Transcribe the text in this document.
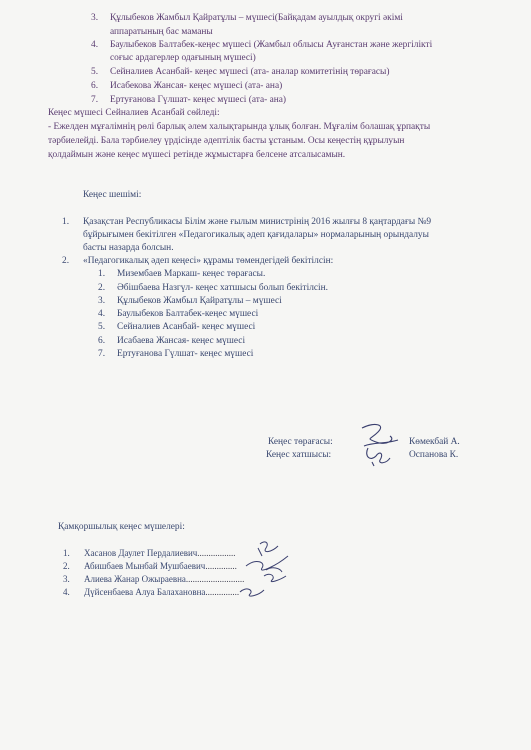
3. Құлыбеков Жамбыл Қайратұлы – мүшесі(Байқадам ауылдық округі әкімі
аппаратының бас маманы
4. Баулыбеков Балтабек-кеңес мүшесі (Жамбыл облысы Ауғанстан және жергілікті
соғыс ардагерлер одағының мүшесі)
5. Сейналиев Асанбай- кеңес мүшесі (ата- аналар комитетінің төрағасы)
6. Исабекова Жансая- кеңес мүшесі (ата- ана)
7. Ертуғанова Гүлшат- кеңес мүшесі (ата- ана)
Кеңес мүшесі Сейналиев Асанбай сөйледі:
- Ежелден мұғалімнің рөлі барлық әлем халықтарында ұлық болған. Мұғалім болашақ ұрпақты
тәрбиелейді. Бала тәрбиелеу үрдісінде әдептілік басты ұстаным. Осы кеңестің құрылуын
қолдаймын және кеңес мүшесі ретінде жұмыстарға белсене атсалысамын.
Кеңес шешімі:
1. Қазақстан Республикасы Білім және ғылым министрінің 2016 жылғы 8 қаңтардағы №9
бұйрығымен бекітілген «Педагогикалық әдеп қағидалары» нормаларының орындалуы
басты назарда болсын.
2. «Педагогикалық әдеп кеңесі» құрамы төмендегідей бекітілсін:
1. Мизембаев Маркаш- кеңес төрағасы.
2. Әбішбаева Назгүл- кеңес хатшысы болып бекітілсін.
3. Құлыбеков Жамбыл Қайратұлы – мүшесі
4. Баулыбеков Балтабек-кеңес мүшесі
5. Сейналиев Асанбай- кеңес мүшесі
6. Исабаева Жансая- кеңес мүшесі
7. Ертуғанова Гүлшат- кеңес мүшесі
Кеңес төрағасы:	Көмекбай А.
Кеңес хатшысы:	Оспанова К.
Қамқоршылық кеңес мүшелері:
1. Хасанов Даулет Пердалиевич.................
2. Абишбаев Мынбай Мушбаевич..............
3. Алиева Жанар Ожыраевна..........................
4. Дүйсенбаева Алуа Балахановна...............
